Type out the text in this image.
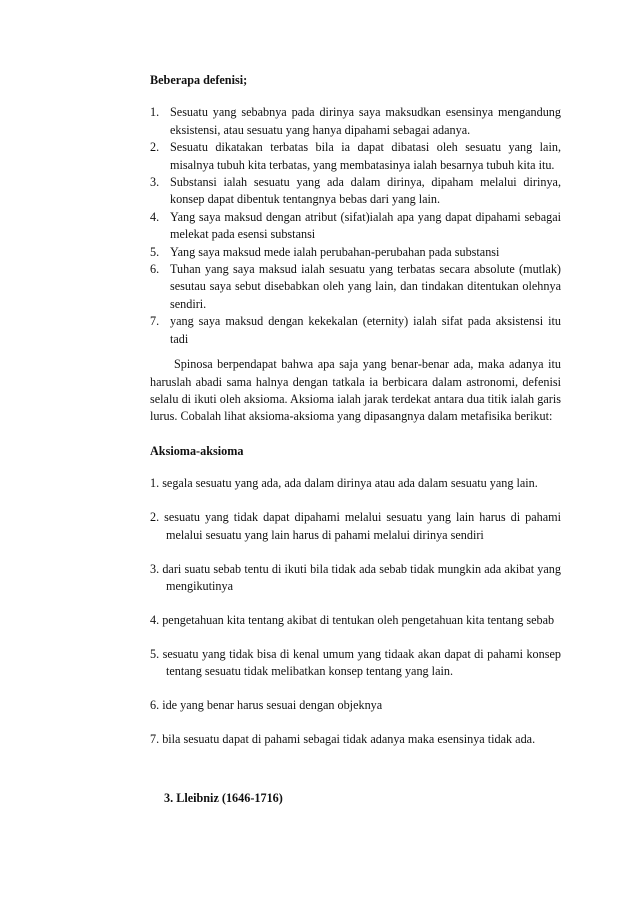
Beberapa defenisi;

1. Sesuatu yang sebabnya pada dirinya saya maksudkan esensinya mengandung eksistensi, atau sesuatu yang hanya dipahami sebagai adanya.
2. Sesuatu dikatakan terbatas bila ia dapat dibatasi oleh sesuatu yang lain, misalnya tubuh kita terbatas, yang membatasinya ialah besarnya tubuh kita itu.
3. Substansi ialah sesuatu yang ada dalam dirinya, dipaham melalui dirinya, konsep dapat dibentuk tentangnya bebas dari yang lain.
4. Yang saya maksud dengan atribut (sifat)ialah apa yang dapat dipahami sebagai melekat pada esensi substansi
5. Yang saya maksud mede ialah perubahan-perubahan pada substansi
6. Tuhan yang saya maksud ialah sesuatu yang terbatas secara absolute (mutlak) sesutau saya sebut disebabkan oleh yang lain, dan tindakan ditentukan olehnya sendiri.
7. yang saya maksud dengan kekekalan (eternity) ialah sifat pada aksistensi itu tadi

Spinosa berpendapat bahwa apa saja yang benar-benar ada, maka adanya itu haruslah abadi sama halnya dengan tatkala ia berbicara dalam astronomi, defenisi selalu di ikuti oleh aksioma. Aksioma ialah jarak terdekat antara dua titik ialah garis lurus. Cobalah lihat aksioma-aksioma yang dipasangnya dalam metafisika berikut:

Aksioma-aksioma

1. segala sesuatu yang ada, ada dalam dirinya atau ada dalam sesuatu yang lain.
2. sesuatu yang tidak dapat dipahami melalui sesuatu yang lain harus di pahami melalui sesuatu yang lain harus di pahami melalui dirinya sendiri
3. dari suatu sebab tentu di ikuti bila tidak ada sebab tidak mungkin ada akibat yang mengikutinya
4. pengetahuan kita tentang akibat di tentukan oleh pengetahuan kita tentang sebab
5. sesuatu yang tidak bisa di kenal umum yang tidaak akan dapat di pahami konsep tentang sesuatu tidak melibatkan konsep tentang yang lain.
6. ide yang benar harus sesuai dengan objeknya
7. bila sesuatu dapat di pahami sebagai tidak adanya maka esensinya tidak ada.

3. Lleibniz (1646-1716)
